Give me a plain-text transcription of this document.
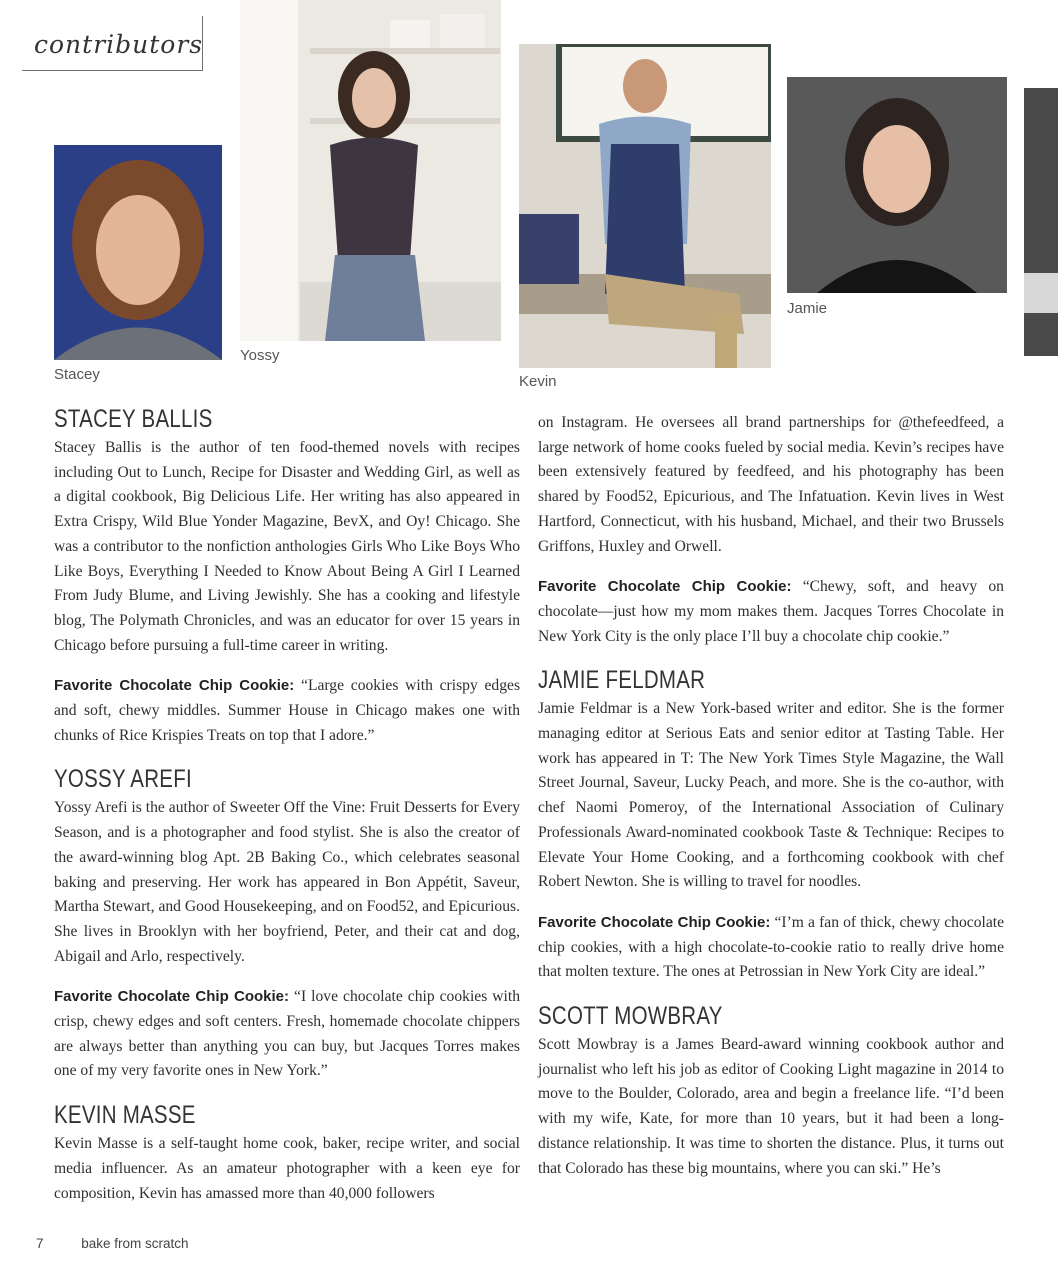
contributors
Stacey
Yossy
Kevin
Jamie
STACEY BALLIS

Stacey Ballis is the author of ten food-themed novels with recipes including Out to Lunch, Recipe for Disaster and Wedding Girl, as well as a digital cookbook, Big Delicious Life. Her writing has also appeared in Extra Crispy, Wild Blue Yonder Magazine, BevX, and Oy! Chicago. She was a contributor to the nonfiction anthologies Girls Who Like Boys Who Like Boys, Everything I Needed to Know About Being A Girl I Learned From Judy Blume, and Living Jewishly. She has a cooking and lifestyle blog, The Polymath Chronicles, and was an educator for over 15 years in Chicago before pursuing a full-time career in writing.

Favorite Chocolate Chip Cookie: “Large cookies with crispy edges and soft, chewy middles. Summer House in Chicago makes one with chunks of Rice Krispies Treats on top that I adore.”

YOSSY AREFI

Yossy Arefi is the author of Sweeter Off the Vine: Fruit Desserts for Every Season, and is a photographer and food stylist. She is also the creator of the award-winning blog Apt. 2B Baking Co., which celebrates seasonal baking and preserving. Her work has appeared in Bon Appétit, Saveur, Martha Stewart, and Good Housekeeping, and on Food52, and Epicurious. She lives in Brooklyn with her boyfriend, Peter, and their cat and dog, Abigail and Arlo, respectively.

Favorite Chocolate Chip Cookie: “I love chocolate chip cookies with crisp, chewy edges and soft centers. Fresh, homemade chocolate chippers are always better than anything you can buy, but Jacques Torres makes one of my very favorite ones in New York.”

KEVIN MASSE

Kevin Masse is a self-taught home cook, baker, recipe writer, and social media influencer. As an amateur photographer with a keen eye for composition, Kevin has amassed more than 40,000 followers

on Instagram. He oversees all brand partnerships for @thefeedfeed, a large network of home cooks fueled by social media. Kevin’s recipes have been extensively featured by feedfeed, and his photography has been shared by Food52, Epicurious, and The Infatuation. Kevin lives in West Hartford, Connecticut, with his husband, Michael, and their two Brussels Griffons, Huxley and Orwell.

Favorite Chocolate Chip Cookie: “Chewy, soft, and heavy on chocolate—just how my mom makes them. Jacques Torres Chocolate in New York City is the only place I’ll buy a chocolate chip cookie.”

JAMIE FELDMAR

Jamie Feldmar is a New York-based writer and editor. She is the former managing editor at Serious Eats and senior editor at Tasting Table. Her work has appeared in T: The New York Times Style Magazine, the Wall Street Journal, Saveur, Lucky Peach, and more. She is the co-author, with chef Naomi Pomeroy, of the International Association of Culinary Professionals Award-nominated cookbook Taste & Technique: Recipes to Elevate Your Home Cooking, and a forthcoming cookbook with chef Robert Newton. She is willing to travel for noodles.

Favorite Chocolate Chip Cookie: “I’m a fan of thick, chewy chocolate chip cookies, with a high chocolate-to-cookie ratio to really drive home that molten texture. The ones at Petrossian in New York City are ideal.”

SCOTT MOWBRAY

Scott Mowbray is a James Beard-award winning cookbook author and journalist who left his job as editor of Cooking Light magazine in 2014 to move to the Boulder, Colorado, area and begin a freelance life. “I’d been with my wife, Kate, for more than 10 years, but it had been a long-distance relationship. It was time to shorten the distance. Plus, it turns out that Colorado has these big mountains, where you can ski.” He’s

7	bake from scratch
